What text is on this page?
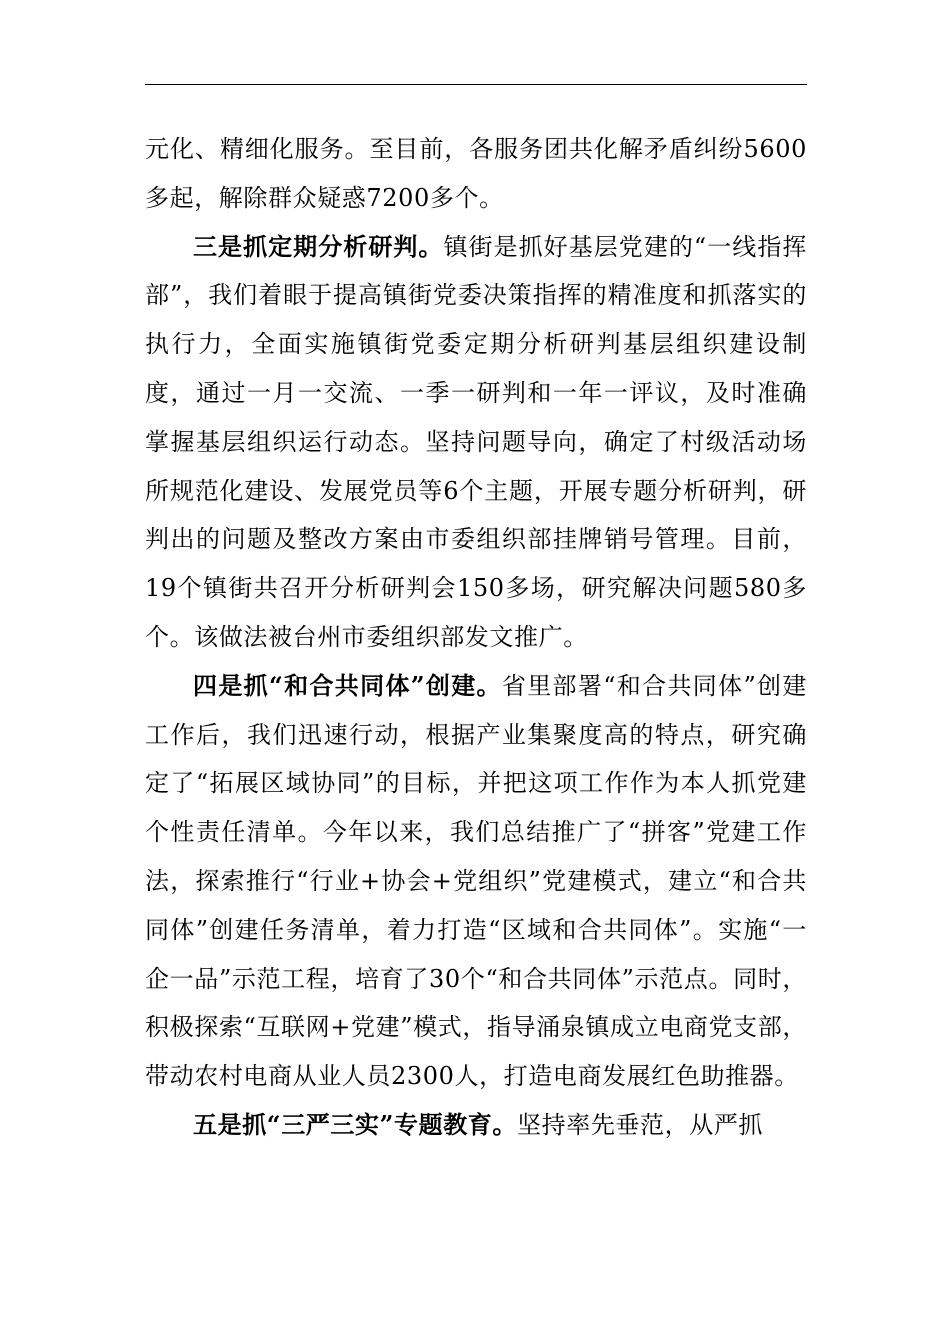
元化、精细化服务。至目前，各服务团共化解矛盾纠纷5600多起，解除群众疑惑7200多个。

三是抓定期分析研判。镇街是抓好基层党建的“一线指挥部”，我们着眼于提高镇街党委决策指挥的精准度和抓落实的执行力，全面实施镇街党委定期分析研判基层组织建设制度，通过一月一交流、一季一研判和一年一评议，及时准确掌握基层组织运行动态。坚持问题导向，确定了村级活动场所规范化建设、发展党员等6个主题，开展专题分析研判，研判出的问题及整改方案由市委组织部挂牌销号管理。目前，19个镇街共召开分析研判会150多场，研究解决问题580多个。该做法被台州市委组织部发文推广。

四是抓“和合共同体”创建。省里部署“和合共同体”创建工作后，我们迅速行动，根据产业集聚度高的特点，研究确定了“拓展区域协同”的目标，并把这项工作作为本人抓党建个性责任清单。今年以来，我们总结推广了“拼客”党建工作法，探索推行“行业+协会+党组织”党建模式，建立“和合共同体”创建任务清单，着力打造“区域和合共同体”。实施“一企一品”示范工程，培育了30个“和合共同体”示范点。同时，积极探索“互联网+党建”模式，指导涌泉镇成立电商党支部，带动农村电商从业人员2300人，打造电商发展红色助推器。

五是抓“三严三实”专题教育。坚持率先垂范，从严抓
